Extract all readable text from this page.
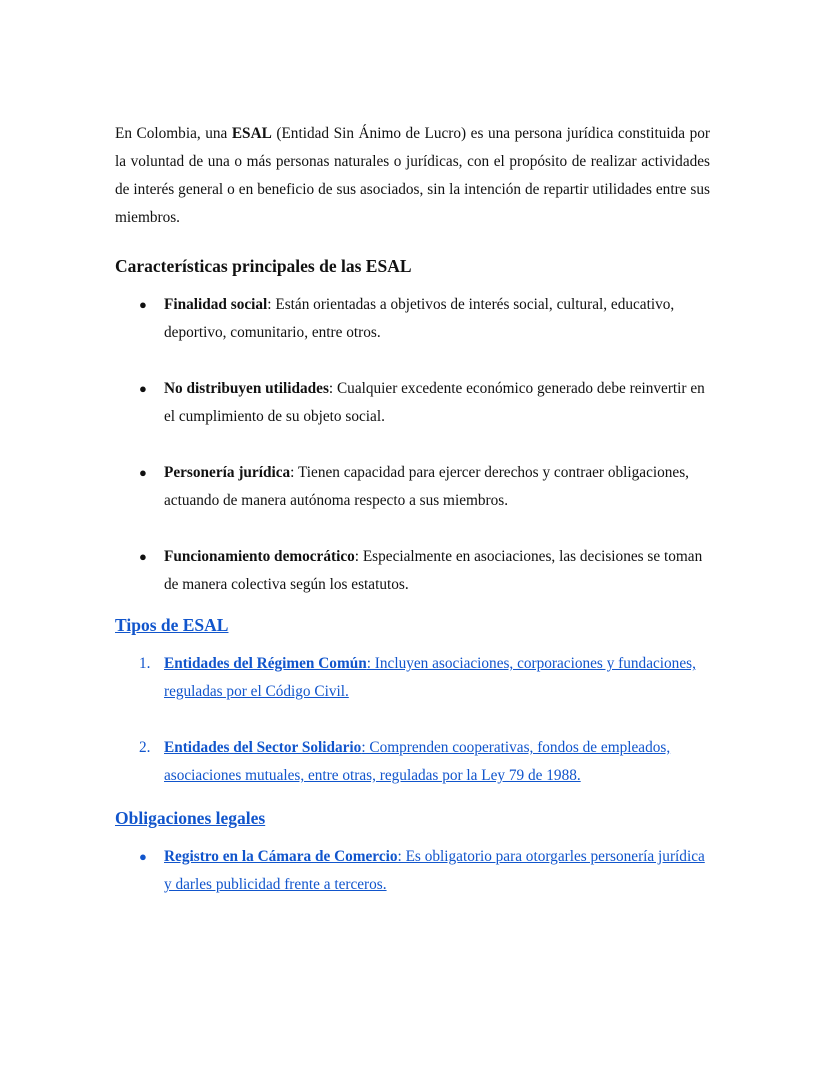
En Colombia, una ESAL (Entidad Sin Ánimo de Lucro) es una persona jurídica constituida por la voluntad de una o más personas naturales o jurídicas, con el propósito de realizar actividades de interés general o en beneficio de sus asociados, sin la intención de repartir utilidades entre sus miembros.

Características principales de las ESAL
● Finalidad social: Están orientadas a objetivos de interés social, cultural, educativo, deportivo, comunitario, entre otros.
● No distribuyen utilidades: Cualquier excedente económico generado debe reinvertir en el cumplimiento de su objeto social.
● Personería jurídica: Tienen capacidad para ejercer derechos y contraer obligaciones, actuando de manera autónoma respecto a sus miembros.
● Funcionamiento democrático: Especialmente en asociaciones, las decisiones se toman de manera colectiva según los estatutos.
Tipos de ESAL
1. Entidades del Régimen Común: Incluyen asociaciones, corporaciones y fundaciones, reguladas por el Código Civil.
2. Entidades del Sector Solidario: Comprenden cooperativas, fondos de empleados, asociaciones mutuales, entre otras, reguladas por la Ley 79 de 1988.
Obligaciones legales
● Registro en la Cámara de Comercio: Es obligatorio para otorgarles personería jurídica y darles publicidad frente a terceros.
